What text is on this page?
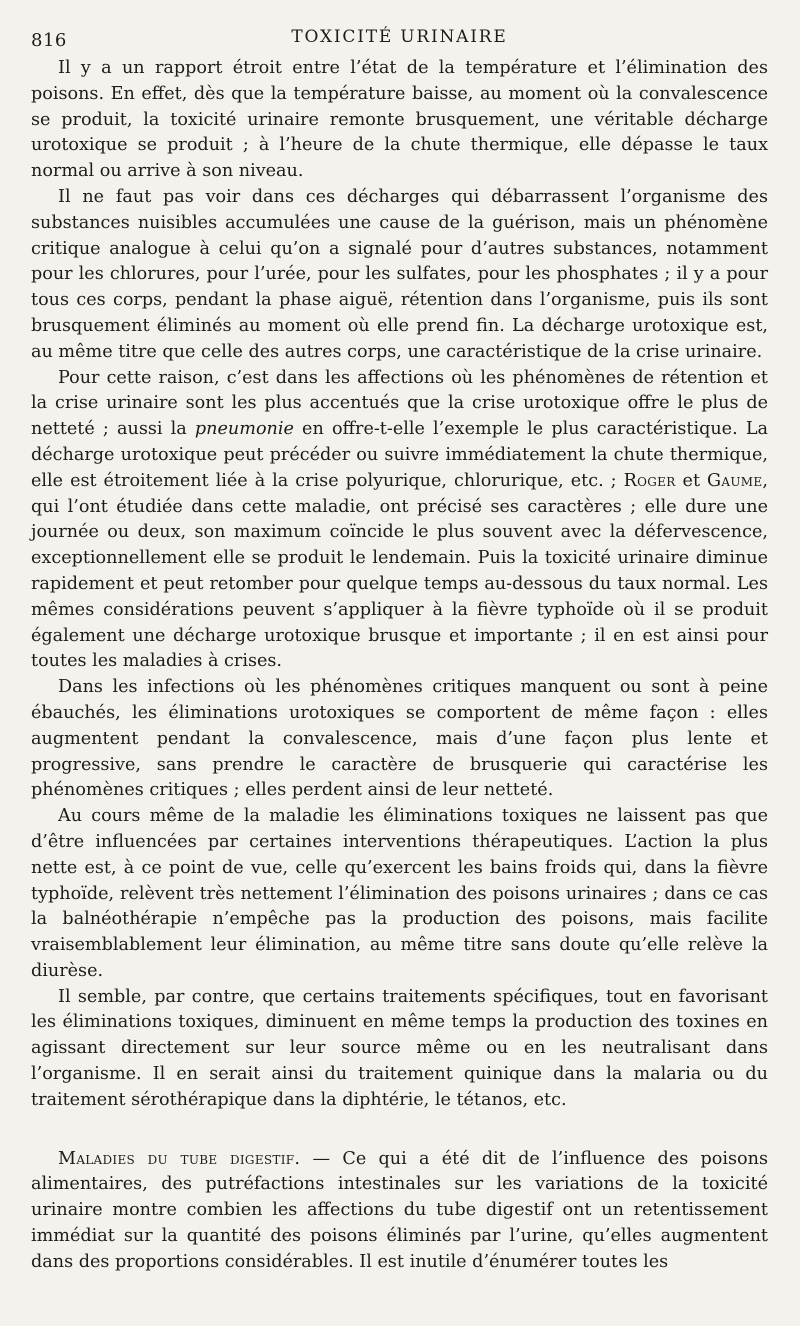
816	TOXICITÉ URINAIRE

Il y a un rapport étroit entre l’état de la température et l’élimination des poisons. En effet, dès que la température baisse, au moment où la convalescence se produit, la toxicité urinaire remonte brusquement, une véritable décharge urotoxique se produit ; à l’heure de la chute thermique, elle dépasse le taux normal ou arrive à son niveau.

Il ne faut pas voir dans ces décharges qui débarrassent l’organisme des substances nuisibles accumulées une cause de la guérison, mais un phénomène critique analogue à celui qu’on a signalé pour d’autres substances, notamment pour les chlorures, pour l’urée, pour les sulfates, pour les phosphates ; il y a pour tous ces corps, pendant la phase aiguë, rétention dans l’organisme, puis ils sont brusquement éliminés au moment où elle prend fin. La décharge urotoxique est, au même titre que celle des autres corps, une caractéristique de la crise urinaire.

Pour cette raison, c’est dans les affections où les phénomènes de rétention et la crise urinaire sont les plus accentués que la crise urotoxique offre le plus de netteté ; aussi la pneumonie en offre-t-elle l’exemple le plus caractéristique. La décharge urotoxique peut précéder ou suivre immédiatement la chute thermique, elle est étroitement liée à la crise polyurique, chlorurique, etc. ; Roger et Gaume, qui l’ont étudiée dans cette maladie, ont précisé ses caractères ; elle dure une journée ou deux, son maximum coïncide le plus souvent avec la défervescence, exceptionnellement elle se produit le lendemain. Puis la toxicité urinaire diminue rapidement et peut retomber pour quelque temps au-dessous du taux normal. Les mêmes considérations peuvent s’appliquer à la fièvre typhoïde où il se produit également une décharge urotoxique brusque et importante ; il en est ainsi pour toutes les maladies à crises.

Dans les infections où les phénomènes critiques manquent ou sont à peine ébauchés, les éliminations urotoxiques se comportent de même façon : elles augmentent pendant la convalescence, mais d’une façon plus lente et progressive, sans prendre le caractère de brusquerie qui caractérise les phénomènes critiques ; elles perdent ainsi de leur netteté.

Au cours même de la maladie les éliminations toxiques ne laissent pas que d’être influencées par certaines interventions thérapeutiques. L’action la plus nette est, à ce point de vue, celle qu’exercent les bains froids qui, dans la fièvre typhoïde, relèvent très nettement l’élimination des poisons urinaires ; dans ce cas la balnéothérapie n’empêche pas la production des poisons, mais facilite vraisemblablement leur élimination, au même titre sans doute qu’elle relève la diurèse.

Il semble, par contre, que certains traitements spécifiques, tout en favorisant les éliminations toxiques, diminuent en même temps la production des toxines en agissant directement sur leur source même ou en les neutralisant dans l’organisme. Il en serait ainsi du traitement quinique dans la malaria ou du traitement sérothérapique dans la diphtérie, le tétanos, etc.

Maladies du tube digestif. — Ce qui a été dit de l’influence des poisons alimentaires, des putréfactions intestinales sur les variations de la toxicité urinaire montre combien les affections du tube digestif ont un retentissement immédiat sur la quantité des poisons éliminés par l’urine, qu’elles augmentent dans des proportions considérables. Il est inutile d’énumérer toutes les
